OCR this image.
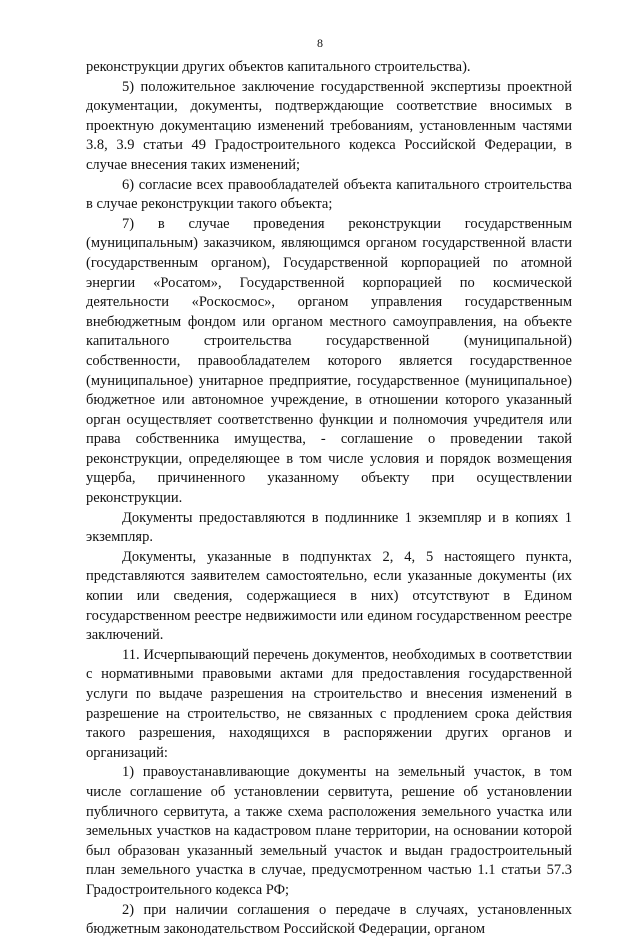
8

реконструкции других объектов капитального строительства).

5) положительное заключение государственной экспертизы проектной документации, документы, подтверждающие соответствие вносимых в проектную документацию изменений требованиям, установленным частями 3.8, 3.9 статьи 49 Градостроительного кодекса Российской Федерации, в случае внесения таких изменений;

6) согласие всех правообладателей объекта капитального строительства в случае реконструкции такого объекта;

7) в случае проведения реконструкции государственным (муниципальным) заказчиком, являющимся органом государственной власти (государственным органом), Государственной корпорацией по атомной энергии «Росатом», Государственной корпорацией по космической деятельности «Роскосмос», органом управления государственным внебюджетным фондом или органом местного самоуправления, на объекте капитального строительства государственной (муниципальной) собственности, правообладателем которого является государственное (муниципальное) унитарное предприятие, государственное (муниципальное) бюджетное или автономное учреждение, в отношении которого указанный орган осуществляет соответственно функции и полномочия учредителя или права собственника имущества, - соглашение о проведении такой реконструкции, определяющее в том числе условия и порядок возмещения ущерба, причиненного указанному объекту при осуществлении реконструкции.

Документы предоставляются в подлиннике 1 экземпляр и в копиях 1 экземпляр.

Документы, указанные в подпунктах 2, 4, 5 настоящего пункта, представляются заявителем самостоятельно, если указанные документы (их копии или сведения, содержащиеся в них) отсутствуют в Едином государственном реестре недвижимости или едином государственном реестре заключений.

11. Исчерпывающий перечень документов, необходимых в соответствии с нормативными правовыми актами для предоставления государственной услуги по выдаче разрешения на строительство и внесения изменений в разрешение на строительство, не связанных с продлением срока действия такого разрешения, находящихся в распоряжении других органов и организаций:

1) правоустанавливающие документы на земельный участок, в том числе соглашение об установлении сервитута, решение об установлении публичного сервитута, а также схема расположения земельного участка или земельных участков на кадастровом плане территории, на основании которой был образован указанный земельный участок и выдан градостроительный план земельного участка в случае, предусмотренном частью 1.1 статьи 57.3 Градостроительного кодекса РФ;

2) при наличии соглашения о передаче в случаях, установленных бюджетным законодательством Российской Федерации, органом
